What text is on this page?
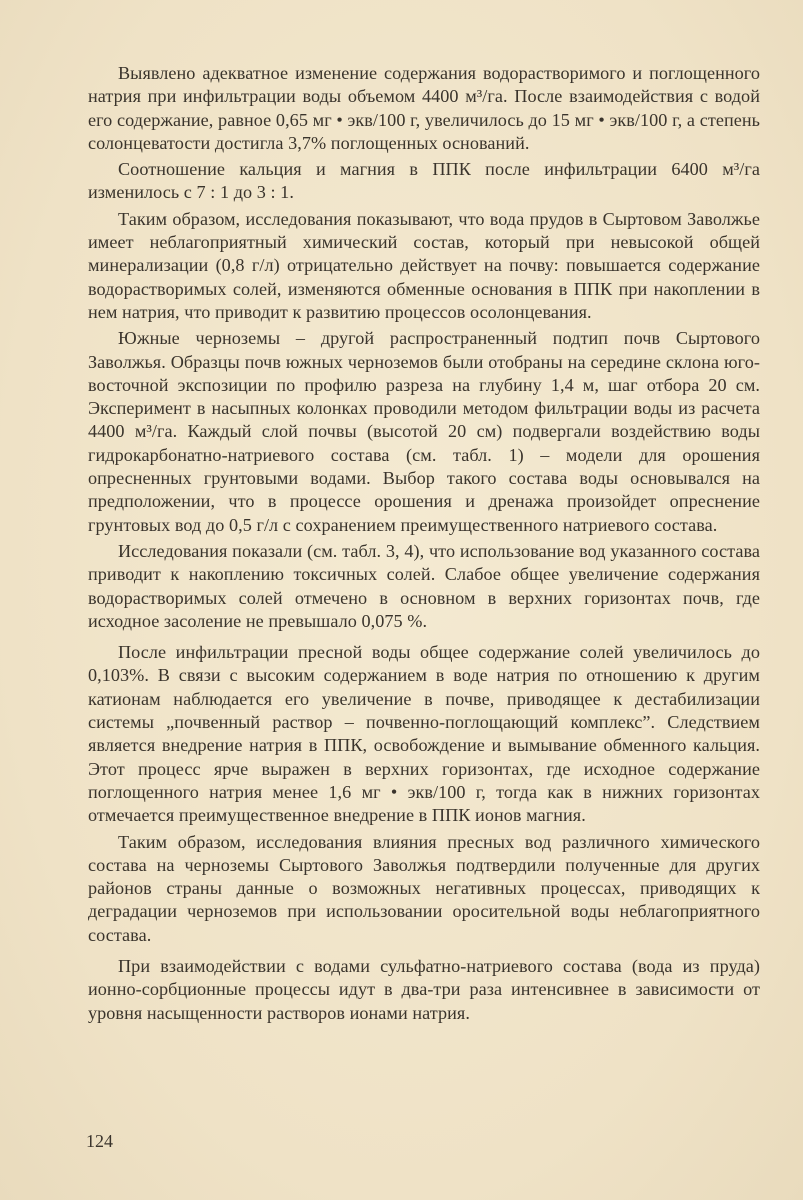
Выявлено адекватное изменение содержания водорастворимого и поглощенного натрия при инфильтрации воды объемом 4400 м³/га. После взаимодействия с водой его содержание, равное 0,65 мг • экв/100 г, увеличилось до 15 мг • экв/100 г, а степень солонцеватости достигла 3,7% поглощенных оснований.

Соотношение кальция и магния в ППК после инфильтрации 6400 м³/га изменилось с 7 : 1 до 3 : 1.

Таким образом, исследования показывают, что вода прудов в Сыртовом Заволжье имеет неблагоприятный химический состав, который при невысокой общей минерализации (0,8 г/л) отрицательно действует на почву: повышается содержание водорастворимых солей, изменяются обменные основания в ППК при накоплении в нем натрия, что приводит к развитию процессов осолонцевания.

Южные черноземы – другой распространенный подтип почв Сыртового Заволжья. Образцы почв южных черноземов были отобраны на середине склона юго-восточной экспозиции по профилю разреза на глубину 1,4 м, шаг отбора 20 см. Эксперимент в насыпных колонках проводили методом фильтрации воды из расчета 4400 м³/га. Каждый слой почвы (высотой 20 см) подвергали воздействию воды гидрокарбонатно-натриевого состава (см. табл. 1) – модели для орошения опресненных грунтовыми водами. Выбор такого состава воды основывался на предположении, что в процессе орошения и дренажа произойдет опреснение грунтовых вод до 0,5 г/л с сохранением преимущественного натриевого состава.

Исследования показали (см. табл. 3, 4), что использование вод указанного состава приводит к накоплению токсичных солей. Слабое общее увеличение содержания водорастворимых солей отмечено в основном в верхних горизонтах почв, где исходное засоление не превышало 0,075 %.

После инфильтрации пресной воды общее содержание солей увеличилось до 0,103%. В связи с высоким содержанием в воде натрия по отношению к другим катионам наблюдается его увеличение в почве, приводящее к дестабилизации системы „почвенный раствор – почвенно-поглощающий комплекс”. Следствием является внедрение натрия в ППК, освобождение и вымывание обменного кальция. Этот процесс ярче выражен в верхних горизонтах, где исходное содержание поглощенного натрия менее 1,6 мг • экв/100 г, тогда как в нижних горизонтах отмечается преимущественное внедрение в ППК ионов магния.

Таким образом, исследования влияния пресных вод различного химического состава на черноземы Сыртового Заволжья подтвердили полученные для других районов страны данные о возможных негативных процессах, приводящих к деградации черноземов при использовании оросительной воды неблагоприятного состава.

При взаимодействии с водами сульфатно-натриевого состава (вода из пруда) ионно-сорбционные процессы идут в два-три раза интенсивнее в зависимости от уровня насыщенности растворов ионами натрия.

124
